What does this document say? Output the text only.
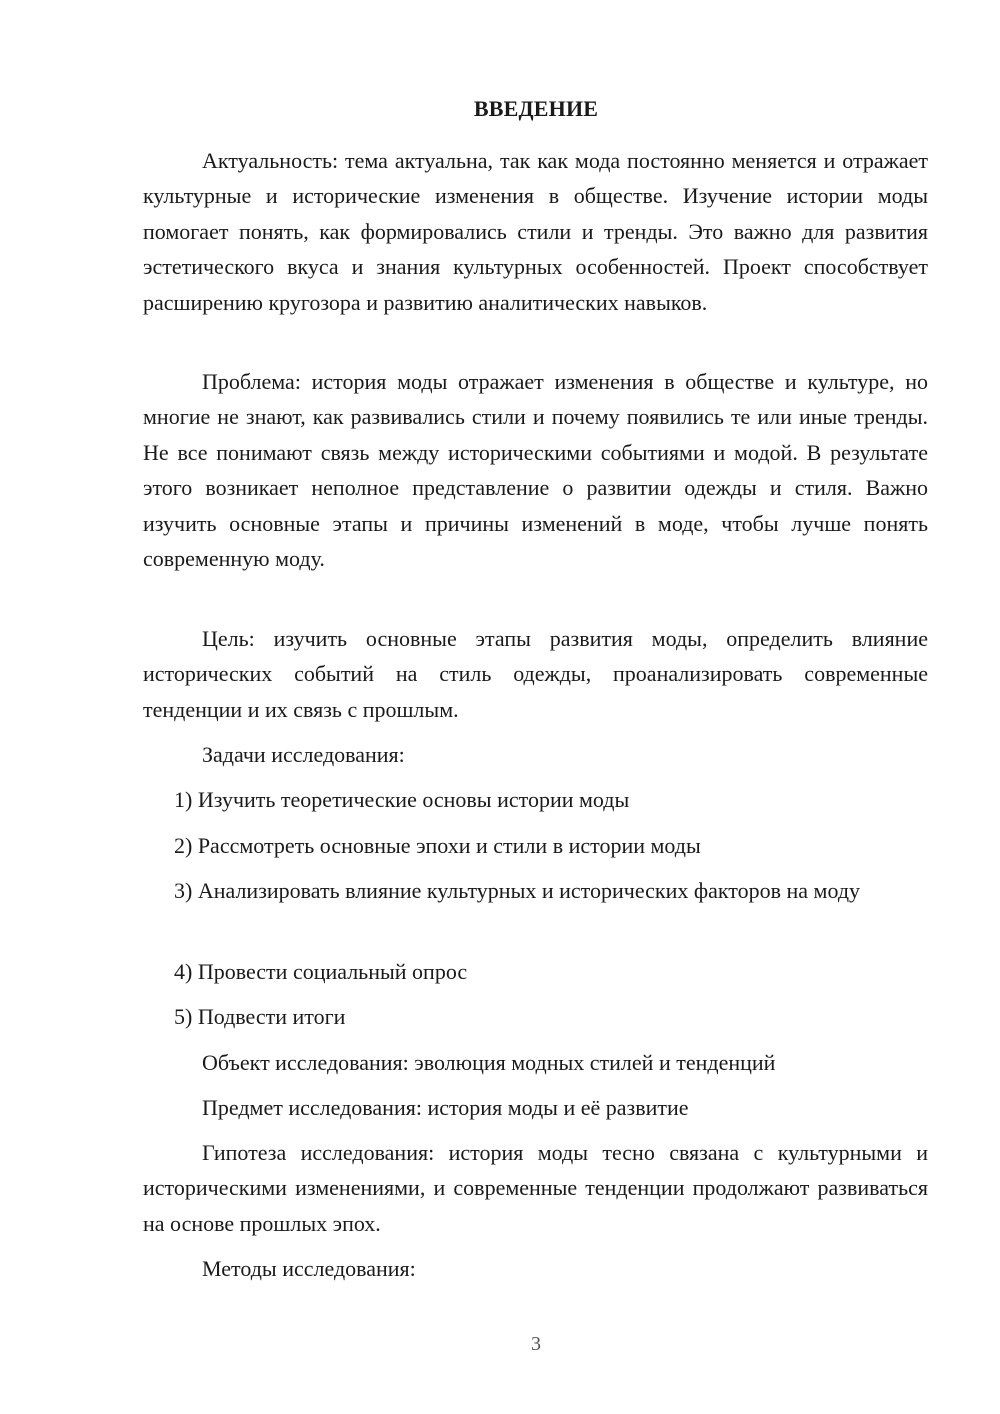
ВВЕДЕНИЕ

Актуальность: тема актуальна, так как мода постоянно меняется и отражает культурные и исторические изменения в обществе. Изучение истории моды помогает понять, как формировались стили и тренды. Это важно для развития эстетического вкуса и знания культурных особенностей. Проект способствует расширению кругозора и развитию аналитических навыков.

Проблема: история моды отражает изменения в обществе и культуре, но многие не знают, как развивались стили и почему появились те или иные тренды. Не все понимают связь между историческими событиями и модой. В результате этого возникает неполное представление о развитии одежды и стиля. Важно изучить основные этапы и причины изменений в моде, чтобы лучше понять современную моду.

Цель: изучить основные этапы развития моды, определить влияние исторических событий на стиль одежды, проанализировать современные тенденции и их связь с прошлым.

Задачи исследования:

1) Изучить теоретические основы истории моды

2) Рассмотреть основные эпохи и стили в истории моды

3) Анализировать влияние культурных и исторических факторов на моду

4) Провести социальный опрос

5) Подвести итоги

Объект исследования: эволюция модных стилей и тенденций

Предмет исследования: история моды и её развитие

Гипотеза исследования: история моды тесно связана с культурными и историческими изменениями, и современные тенденции продолжают развиваться на основе прошлых эпох.

Методы исследования:

3
